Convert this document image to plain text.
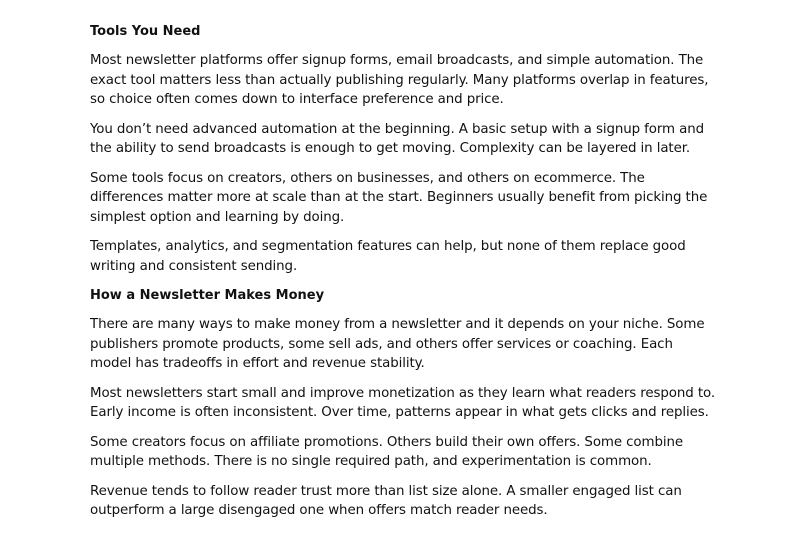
Tools You Need

Most newsletter platforms offer signup forms, email broadcasts, and simple automation. The exact tool matters less than actually publishing regularly. Many platforms overlap in features, so choice often comes down to interface preference and price.

You don’t need advanced automation at the beginning. A basic setup with a signup form and the ability to send broadcasts is enough to get moving. Complexity can be layered in later.

Some tools focus on creators, others on businesses, and others on ecommerce. The differences matter more at scale than at the start. Beginners usually benefit from picking the simplest option and learning by doing.

Templates, analytics, and segmentation features can help, but none of them replace good writing and consistent sending.

How a Newsletter Makes Money

There are many ways to make money from a newsletter and it depends on your niche. Some publishers promote products, some sell ads, and others offer services or coaching. Each model has tradeoffs in effort and revenue stability.

Most newsletters start small and improve monetization as they learn what readers respond to. Early income is often inconsistent. Over time, patterns appear in what gets clicks and replies.

Some creators focus on affiliate promotions. Others build their own offers. Some combine multiple methods. There is no single required path, and experimentation is common.

Revenue tends to follow reader trust more than list size alone. A smaller engaged list can outperform a large disengaged one when offers match reader needs.
